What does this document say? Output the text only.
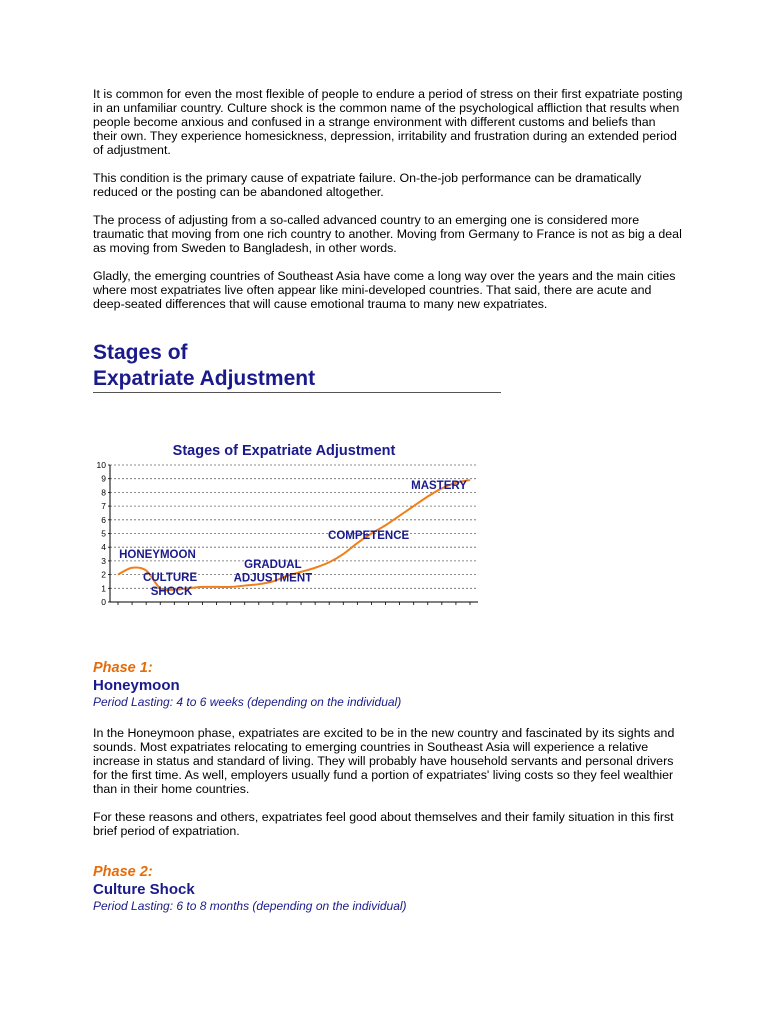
It is common for even the most flexible of people to endure a period of stress on their first expatriate posting in an unfamiliar country. Culture shock is the common name of the psychological affliction that results when people become anxious and confused in a strange environment with different customs and beliefs than their own. They experience homesickness, depression, irritability and frustration during an extended period of adjustment.

This condition is the primary cause of expatriate failure. On-the-job performance can be dramatically reduced or the posting can be abandoned altogether.

The process of adjusting from a so-called advanced country to an emerging one is considered more traumatic that moving from one rich country to another. Moving from Germany to France is not as big a deal as moving from Sweden to Bangladesh, in other words.

Gladly, the emerging countries of Southeast Asia have come a long way over the years and the main cities where most expatriates live often appear like mini-developed countries. That said, there are acute and deep-seated differences that will cause emotional trauma to many new expatriates.

Stages of
Expatriate Adjustment
Stages of Expatriate Adjustment
0
1
2
3
4
5
6
7
8
9
10
HONEYMOON
CULTURE
SHOCK
GRADUAL
ADJUSTMENT
COMPETENCE
MASTERY
Phase 1:
Honeymoon
Period Lasting: 4 to 6 weeks (depending on the individual)

In the Honeymoon phase, expatriates are excited to be in the new country and fascinated by its sights and sounds. Most expatriates relocating to emerging countries in Southeast Asia will experience a relative increase in status and standard of living. They will probably have household servants and personal drivers for the first time. As well, employers usually fund a portion of expatriates' living costs so they feel wealthier than in their home countries.

For these reasons and others, expatriates feel good about themselves and their family situation in this first brief period of expatriation.

Phase 2:
Culture Shock
Period Lasting: 6 to 8 months (depending on the individual)
